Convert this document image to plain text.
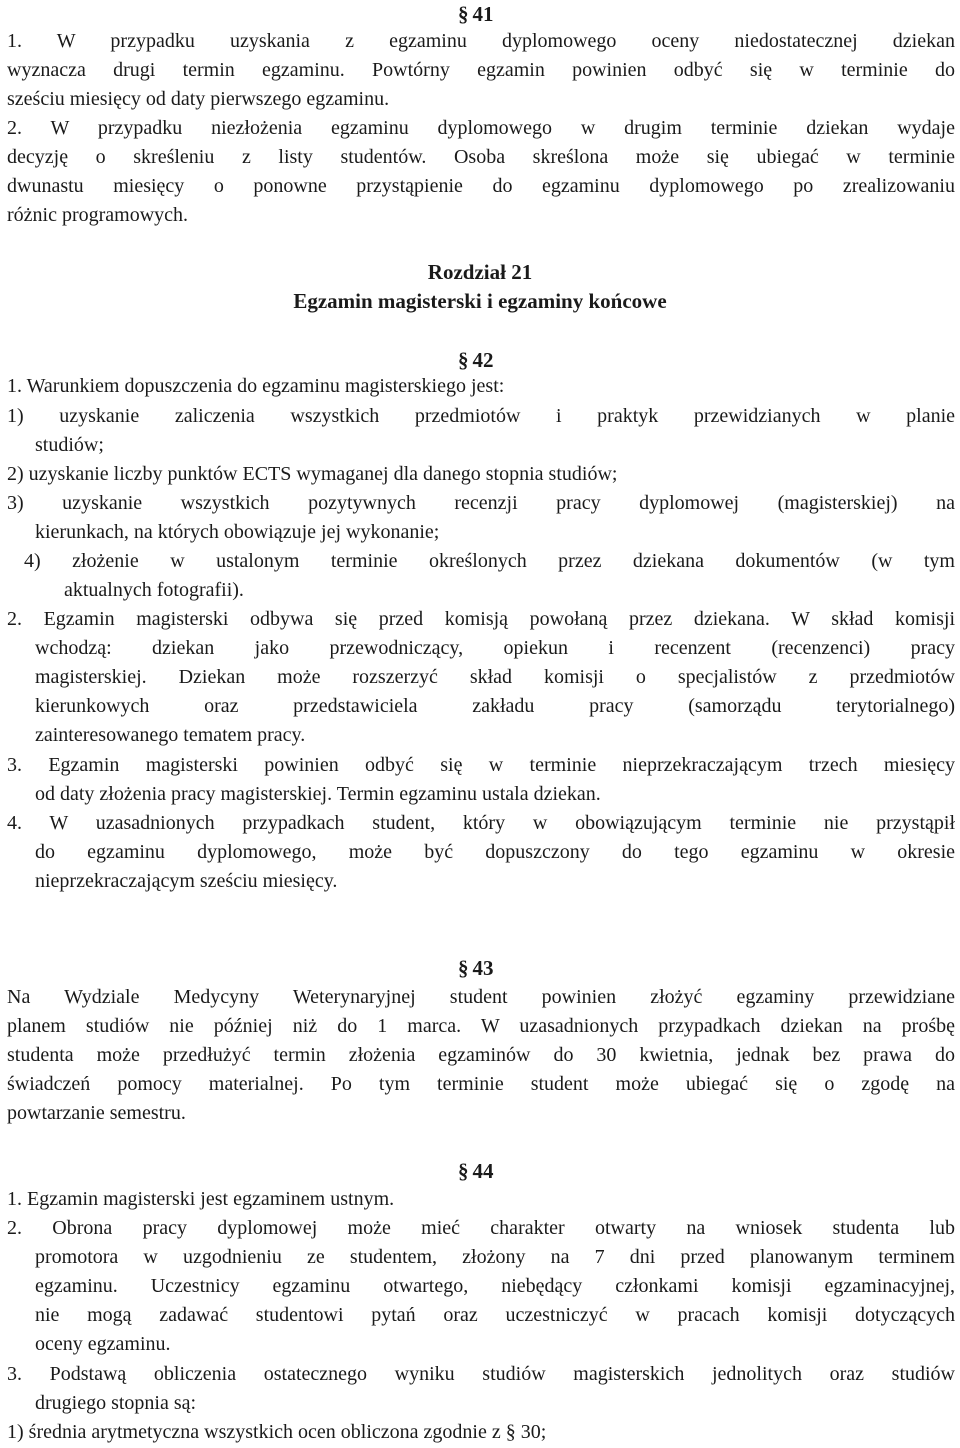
§ 41
1. W przypadku uzyskania z egzaminu dyplomowego oceny niedostatecznej dziekan
wyznacza drugi termin egzaminu. Powtórny egzamin powinien odbyć się w terminie do
sześciu miesięcy od daty pierwszego egzaminu.
2. W przypadku niezłożenia egzaminu dyplomowego w drugim terminie dziekan wydaje
decyzję o skreśleniu z listy studentów. Osoba skreślona może się ubiegać w terminie
dwunastu miesięcy o ponowne przystąpienie do egzaminu dyplomowego po zrealizowaniu
różnic programowych.
Rozdział 21
Egzamin magisterski i egzaminy końcowe
§ 42
1. Warunkiem dopuszczenia do egzaminu magisterskiego jest:
1) uzyskanie zaliczenia wszystkich przedmiotów i praktyk przewidzianych w planie
studiów;
2) uzyskanie liczby punktów ECTS wymaganej dla danego stopnia studiów;
3) uzyskanie wszystkich pozytywnych recenzji pracy dyplomowej (magisterskiej) na
kierunkach, na których obowiązuje jej wykonanie;
4) złożenie w ustalonym terminie określonych przez dziekana dokumentów (w tym
aktualnych fotografii).
2. Egzamin magisterski odbywa się przed komisją powołaną przez dziekana. W skład komisji
wchodzą: dziekan jako przewodniczący, opiekun i recenzent (recenzenci) pracy
magisterskiej. Dziekan może rozszerzyć skład komisji o specjalistów z przedmiotów
kierunkowych oraz przedstawiciela zakładu pracy (samorządu terytorialnego)
zainteresowanego tematem pracy.
3. Egzamin magisterski powinien odbyć się w terminie nieprzekraczającym trzech miesięcy
od daty złożenia pracy magisterskiej. Termin egzaminu ustala dziekan.
4. W uzasadnionych przypadkach student, który w obowiązującym terminie nie przystąpił
do egzaminu dyplomowego, może być dopuszczony do tego egzaminu w okresie
nieprzekraczającym sześciu miesięcy.
§ 43
Na Wydziale Medycyny Weterynaryjnej student powinien złożyć egzaminy przewidziane
planem studiów nie później niż do 1 marca. W uzasadnionych przypadkach dziekan na prośbę
studenta może przedłużyć termin złożenia egzaminów do 30 kwietnia, jednak bez prawa do
świadczeń pomocy materialnej. Po tym terminie student może ubiegać się o zgodę na
powtarzanie semestru.
§ 44
1. Egzamin magisterski jest egzaminem ustnym.
2. Obrona pracy dyplomowej może mieć charakter otwarty na wniosek studenta lub
promotora w uzgodnieniu ze studentem, złożony na 7 dni przed planowanym terminem
egzaminu. Uczestnicy egzaminu otwartego, niebędący członkami komisji egzaminacyjnej,
nie mogą zadawać studentowi pytań oraz uczestniczyć w pracach komisji dotyczących
oceny egzaminu.
3. Podstawą obliczenia ostatecznego wyniku studiów magisterskich jednolitych oraz studiów
drugiego stopnia są:
1) średnia arytmetyczna wszystkich ocen obliczona zgodnie z § 30;
